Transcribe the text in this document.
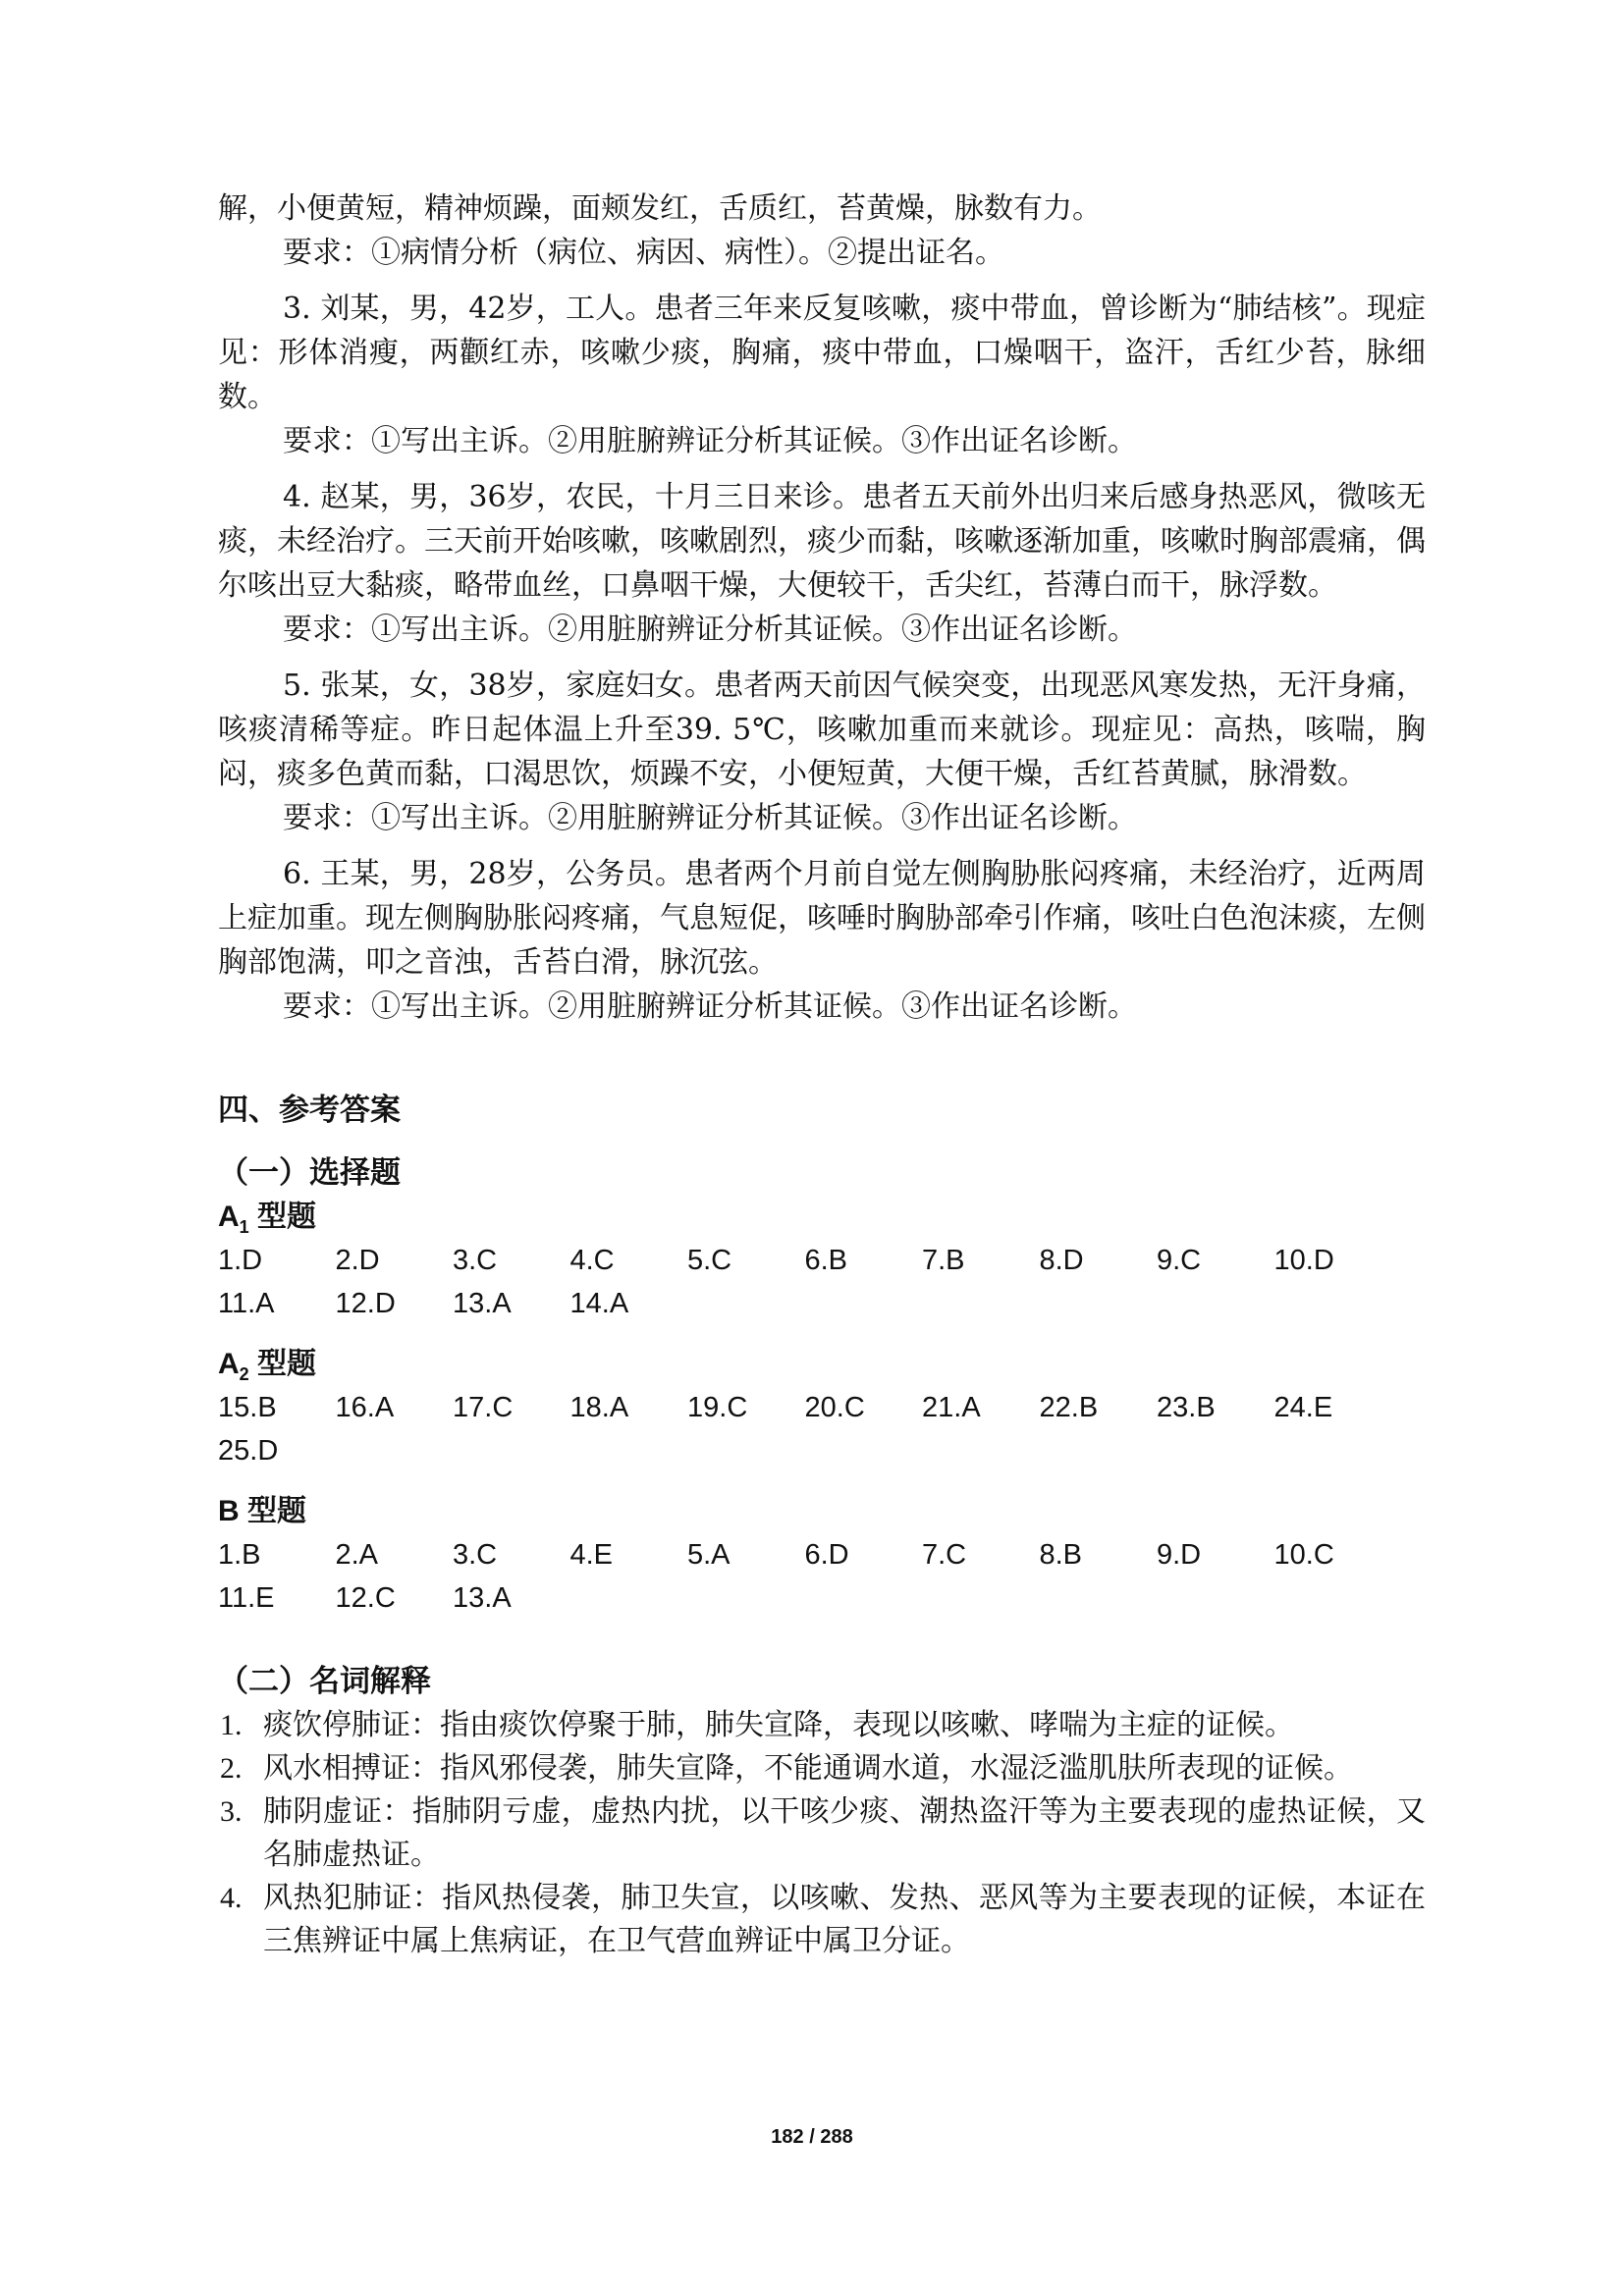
解，小便黄短，精神烦躁，面颊发红，舌质红，苔黄燥，脉数有力。

要求：①病情分析（病位、病因、病性）。②提出证名。

3. 刘某，男，42岁，工人。患者三年来反复咳嗽，痰中带血，曾诊断为“肺结核”。现症见：形体消瘦，两颧红赤，咳嗽少痰，胸痛，痰中带血，口燥咽干，盗汗，舌红少苔，脉细数。

要求：①写出主诉。②用脏腑辨证分析其证候。③作出证名诊断。

4. 赵某，男，36岁，农民，十月三日来诊。患者五天前外出归来后感身热恶风，微咳无痰，未经治疗。三天前开始咳嗽，咳嗽剧烈，痰少而黏，咳嗽逐渐加重，咳嗽时胸部震痛，偶尔咳出豆大黏痰，略带血丝，口鼻咽干燥，大便较干，舌尖红，苔薄白而干，脉浮数。

要求：①写出主诉。②用脏腑辨证分析其证候。③作出证名诊断。

5. 张某，女，38岁，家庭妇女。患者两天前因气候突变，出现恶风寒发热，无汗身痛，咳痰清稀等症。昨日起体温上升至39. 5℃，咳嗽加重而来就诊。现症见：高热，咳喘，胸闷，痰多色黄而黏，口渴思饮，烦躁不安，小便短黄，大便干燥，舌红苔黄腻，脉滑数。

要求：①写出主诉。②用脏腑辨证分析其证候。③作出证名诊断。

6. 王某，男，28岁，公务员。患者两个月前自觉左侧胸胁胀闷疼痛，未经治疗，近两周上症加重。现左侧胸胁胀闷疼痛，气息短促，咳唾时胸胁部牵引作痛，咳吐白色泡沫痰，左侧胸部饱满，叩之音浊，舌苔白滑，脉沉弦。

要求：①写出主诉。②用脏腑辨证分析其证候。③作出证名诊断。

四、参考答案

（一）选择题

$A_1$ 型题

1.D	2.D	3.C	4.C	5.C	6.B	7.B	8.D	9.C	10.D
11.A	12.D	13.A	14.A

$A_2$ 型题

15.B	16.A	17.C	18.A	19.C	20.C	21.A	22.B	23.B	24.E
25.D

B 型题

1.B	2.A	3.C	4.E	5.A	6.D	7.C	8.B	9.D	10.C
11.E	12.C	13.A

（二）名词解释

1. 痰饮停肺证：指由痰饮停聚于肺，肺失宣降，表现以咳嗽、哮喘为主症的证候。
2. 风水相搏证：指风邪侵袭，肺失宣降，不能通调水道，水湿泛滥肌肤所表现的证候。
3. 肺阴虚证：指肺阴亏虚，虚热内扰，以干咳少痰、潮热盗汗等为主要表现的虚热证候，又名肺虚热证。
4. 风热犯肺证：指风热侵袭，肺卫失宣，以咳嗽、发热、恶风等为主要表现的证候，本证在三焦辨证中属上焦病证，在卫气营血辨证中属卫分证。
182 / 288
